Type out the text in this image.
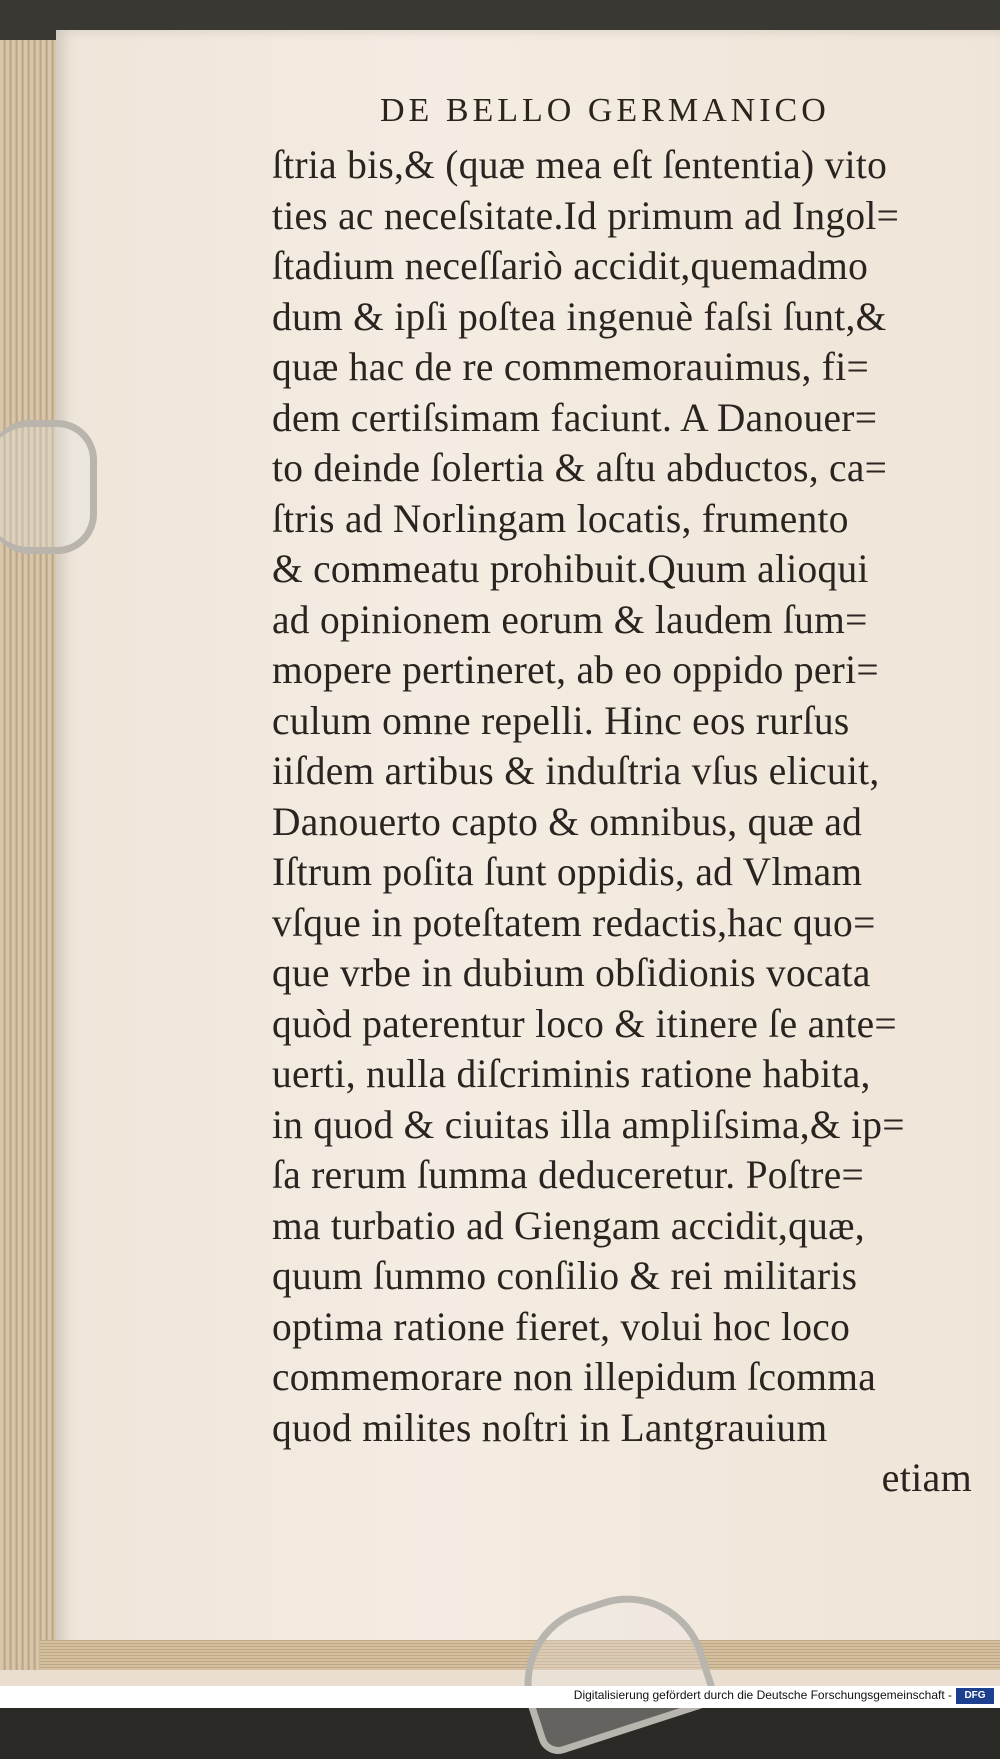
DE BELLO GERMANICO
ſtria bis,& (quæ mea eſt ſententia) vito
ties ac neceſsitate.Id primum ad Ingol=
ſtadium neceſſariò accidit,quemadmo
dum & ipſi poſtea ingenuè faſsi ſunt,&
quæ hac de re commemorauimus, fi=
dem certiſsimam faciunt. A Danouer=
to deinde ſolertia & aſtu abductos, ca=
ſtris ad Norlingam locatis, frumento
& commeatu prohibuit.Quum alioqui
ad opinionem eorum & laudem ſum=
mopere pertineret, ab eo oppido peri=
culum omne repelli. Hinc eos rurſus
iiſdem artibus & induſtria vſus elicuit,
Danouerto capto & omnibus, quæ ad
Iſtrum poſita ſunt oppidis, ad Vlmam
vſque in poteſtatem redactis,hac quo=
que vrbe in dubium obſidionis vocata
quòd paterentur loco & itinere ſe ante=
uerti, nulla diſcriminis ratione habita,
in quod & ciuitas illa ampliſsima,& ip=
ſa rerum ſumma deduceretur. Poſtre=
ma turbatio ad Giengam accidit,quæ,
quum ſummo conſilio & rei militaris
optima ratione fieret, volui hoc loco
commemorare non illepidum ſcomma
quod milites noſtri in Lantgrauium
etiam
Digitalisierung gefördert durch die Deutsche Forschungsgemeinschaft -	DFG
